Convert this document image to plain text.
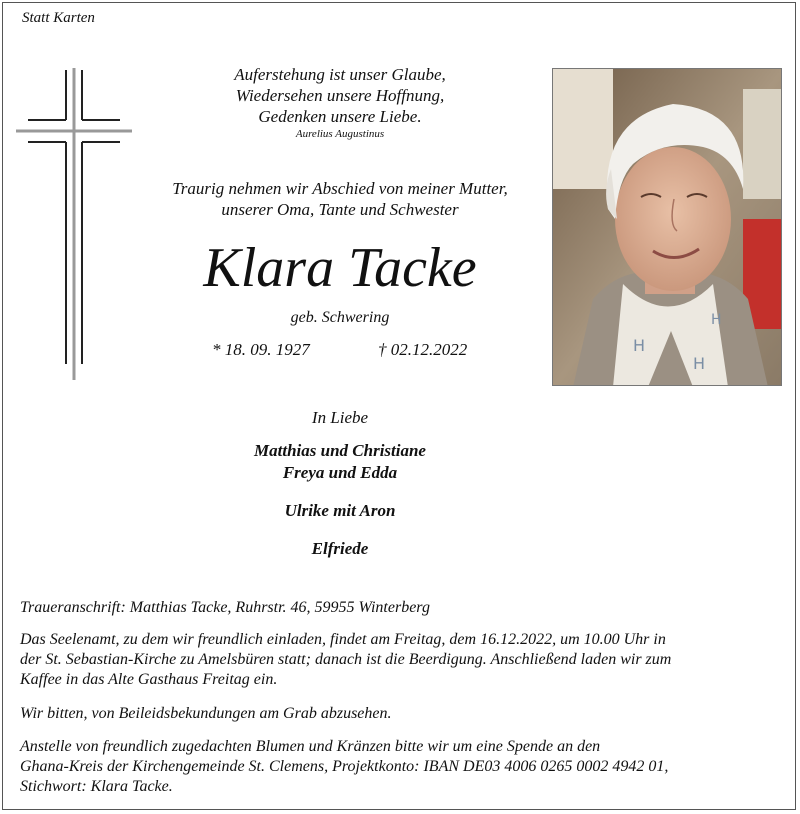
Statt Karten
Auferstehung ist unser Glaube,
Wiedersehen unsere Hoffnung,
Gedenken unsere Liebe.
Aurelius Augustinus
Traurig nehmen wir Abschied von meiner Mutter,
unserer Oma, Tante und Schwester
Klara Tacke
geb. Schwering
* 18. 09. 1927	† 02.12.2022	H
H
H
In Liebe
Matthias und Christiane
Freya und Edda
Ulrike mit Aron
Elfriede
Traueranschrift: Matthias Tacke, Ruhrstr. 46, 59955 Winterberg
Das Seelenamt, zu dem wir freundlich einladen, findet am Freitag, dem 16.12.2022, um 10.00 Uhr in
der St. Sebastian-Kirche zu Amelsbüren statt; danach ist die Beerdigung. Anschließend laden wir zum
Kaffee in das Alte Gasthaus Freitag ein.
Wir bitten, von Beileidsbekundungen am Grab abzusehen.
Anstelle von freundlich zugedachten Blumen und Kränzen bitte wir um eine Spende an den
Ghana-Kreis der Kirchengemeinde St. Clemens, Projektkonto: IBAN DE03 4006 0265 0002 4942 01,
Stichwort: Klara Tacke.
